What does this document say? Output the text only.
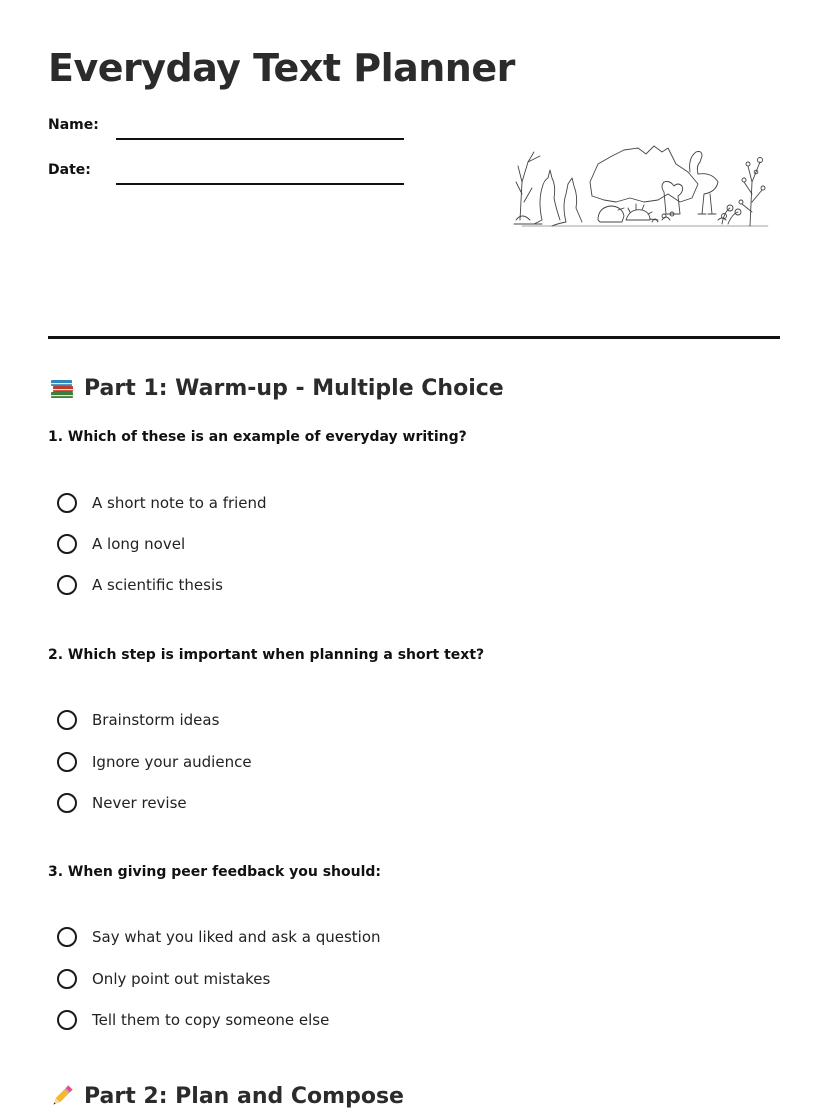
Everyday Text Planner
Name:
Date:
Part 1: Warm-up - Multiple Choice

1. Which of these is an example of everyday writing?

A short note to a friend
A long novel
A scientific thesis

2. Which step is important when planning a short text?

Brainstorm ideas
Ignore your audience
Never revise

3. When giving peer feedback you should:

Say what you liked and ask a question
Only point out mistakes
Tell them to copy someone else
Part 2: Plan and Compose
